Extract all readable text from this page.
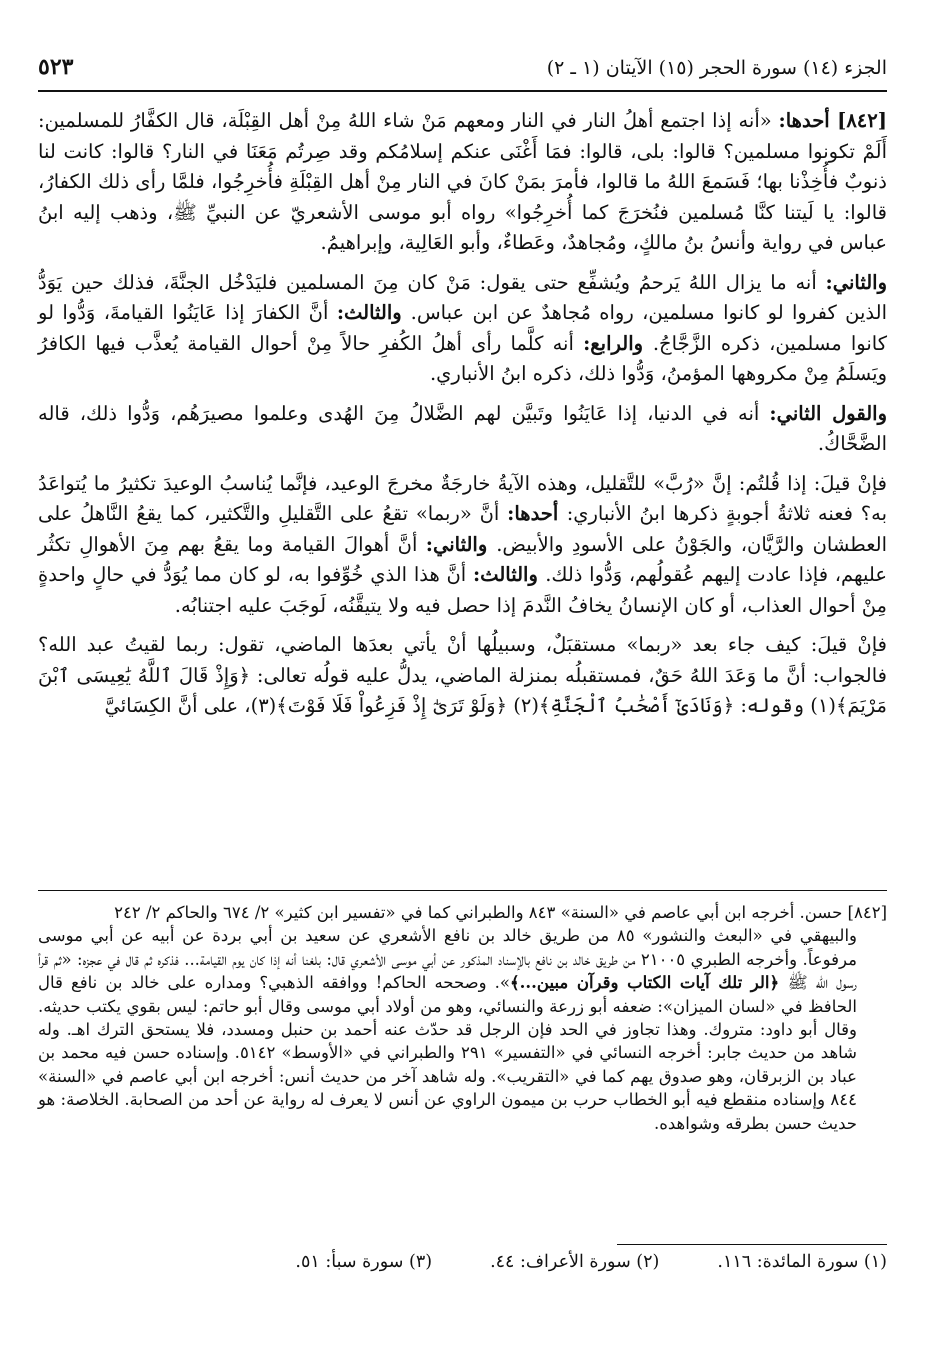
الجزء (١٤) سورة الحجر (١٥) الآيتان (١ ـ ٢)
٥٢٣

[٨٤٢] أحدها: «أنه إذا اجتمع أهلُ النار في النار ومعهم مَنْ شاء اللهُ مِنْ أهل القِبْلَة، قال الكفَّارُ للمسلمين: أَلَمْ تكونوا مسلمين؟ قالوا: بلى، قالوا: فمَا أَغْنَى عنكم إسلامُكم وقد صِرتُم مَعَنَا في النار؟ قالوا: كانت لنا ذنوبٌ فأُخِذْنا بها؛ فَسَمعَ اللهُ ما قالوا، فأمرَ بمَنْ كانَ في النار مِنْ أهل القِبْلَةِ فأُخرِجُوا، فلمَّا رأى ذلك الكفارُ، قالوا: يا لَيتنا كنَّا مُسلمين فنُخرَجَ كما أُخرِجُوا» رواه أبو موسى الأشعريّ عن النبيِّ ﷺ، وذهب إليه ابنُ عباس في رواية وأنسُ بنُ مالكٍ، ومُجاهدٌ، وعَطاءٌ، وأبو العَالِية، وإبراهيمُ.

والثاني: أنه ما يزال اللهُ يَرحمُ ويُشفِّع حتى يقول: مَنْ كان مِنَ المسلمين فليَدْخُل الجنَّةَ، فذلك حين يَوَدُّ الذين كفروا لو كانوا مسلمين، رواه مُجاهدٌ عن ابن عباس. والثالث: أنَّ الكفارَ إذا عَايَنُوا القيامةَ، وَدُّوا لو كانوا مسلمين، ذكره الزَّجَّاجُ. والرابع: أنه كلَّما رأى أهلُ الكُفرِ حالاً مِنْ أحوال القيامة يُعذَّب فيها الكافرُ ويَسلَمُ مِنْ مكروهها المؤمنُ، وَدُّوا ذلك، ذكره ابنُ الأنباري.

والقول الثاني: أنه في الدنيا، إذا عَايَنُوا وتَبيَّن لهم الضَّلالُ مِنَ الهُدى وعلموا مصيرَهُم، وَدُّوا ذلك، قاله الضَّحَّاكُ.

فإنْ قيلَ: إذا قُلتُم: إنَّ «رُبَّ» للتَّقليل، وهذه الآيةُ خارجَةٌ مخرجَ الوعيد، فإنَّما يُناسبُ الوعيدَ تكثيرُ ما يُتواعَدُ به؟ فعنه ثلاثةُ أجوبةٍ ذكرها ابنُ الأنباري: أحدها: أنَّ «ربما» تقعُ على التَّقليلِ والتَّكثير، كما يقعُ النَّاهلُ على العطشان والرَّيَّان، والجَوْنُ على الأسودِ والأبيض. والثاني: أنَّ أهوالَ القيامة وما يقعُ بهم مِنَ الأهوالِ تكثُر عليهم، فإذا عادت إليهم عُقولُهم، وَدُّوا ذلك. والثالث: أنَّ هذا الذي خُوِّفوا به، لو كان مما يُوَدُّ في حالٍ واحدةٍ مِنْ أحوال العذاب، أو كان الإنسانُ يخافُ النَّدمَ إذا حصل فيه ولا يتيقَّنُه، لَوجَبَ عليه اجتنابُه.

فإنْ قيلَ: كيف جاء بعد «ربما» مستقبَلٌ، وسبيلُها أنْ يأتي بعدَها الماضي، تقول: ربما لقيتُ عبد الله؟ فالجواب: أنَّ ما وَعَدَ اللهُ حَقٌ، فمستقبلُه بمنزلة الماضي، يدلُّ عليه قولُه تعالى: ﴿وَإِذْ قَالَ ٱللَّهُ يَٰعِيسَى ٱبْنَ مَرْيَمَ﴾(١) وقوله: ﴿وَنَادَىٰٓ أَصْحَٰبُ ٱلْجَنَّةِ﴾(٢) ﴿وَلَوْ تَرَىٰٓ إِذْ فَزِعُواْ فَلَا فَوْتَ﴾(٣)، على أنَّ الكِسَائيَّ

[٨٤٢] حسن. أخرجه ابن أبي عاصم في «السنة» ٨٤٣ والطبراني كما في «تفسير ابن كثير» ٢/ ٦٧٤ والحاكم ٢/ ٢٤٢

والبيهقي في «البعث والنشور» ٨٥ من طريق خالد بن نافع الأشعري عن سعيد بن أبي بردة عن أبيه عن أبي موسى مرفوعاً. وأخرجه الطبري ٢١٠٠٥ من طريق خالد بن نافع بالإسناد المذكور عن أبي موسى الأشعري قال: بلغنا أنه إذا كان يوم القيامة... فذكره ثم قال في عجزه: «ثم قرأ رسول الله ﷺ ﴿الر تلك آيات الكتاب وقرآن مبين...﴾». وصححه الحاكم! ووافقه الذهبي؟ ومداره على خالد بن نافع قال الحافظ في «لسان الميزان»: ضعفه أبو زرعة والنسائي، وهو من أولاد أبي موسى وقال أبو حاتم: ليس بقوي يكتب حديثه. وقال أبو داود: متروك. وهذا تجاوز في الحد فإن الرجل قد حدّث عنه أحمد بن حنبل ومسدد، فلا يستحق الترك اهـ. وله شاهد من حديث جابر: أخرجه النسائي في «التفسير» ٢٩١ والطبراني في «الأوسط» ٥١٤٢. وإسناده حسن فيه محمد بن عباد بن الزبرقان، وهو صدوق يهم كما في «التقريب». وله شاهد آخر من حديث أنس: أخرجه ابن أبي عاصم في «السنة» ٨٤٤ وإسناده منقطع فيه أبو الخطاب حرب بن ميمون الراوي عن أنس لا يعرف له رواية عن أحد من الصحابة. الخلاصة: هو حديث حسن بطرقه وشواهده.

(١) سورة المائدة: ١١٦.
(٢) سورة الأعراف: ٤٤.
(٣) سورة سبأ: ٥١.
